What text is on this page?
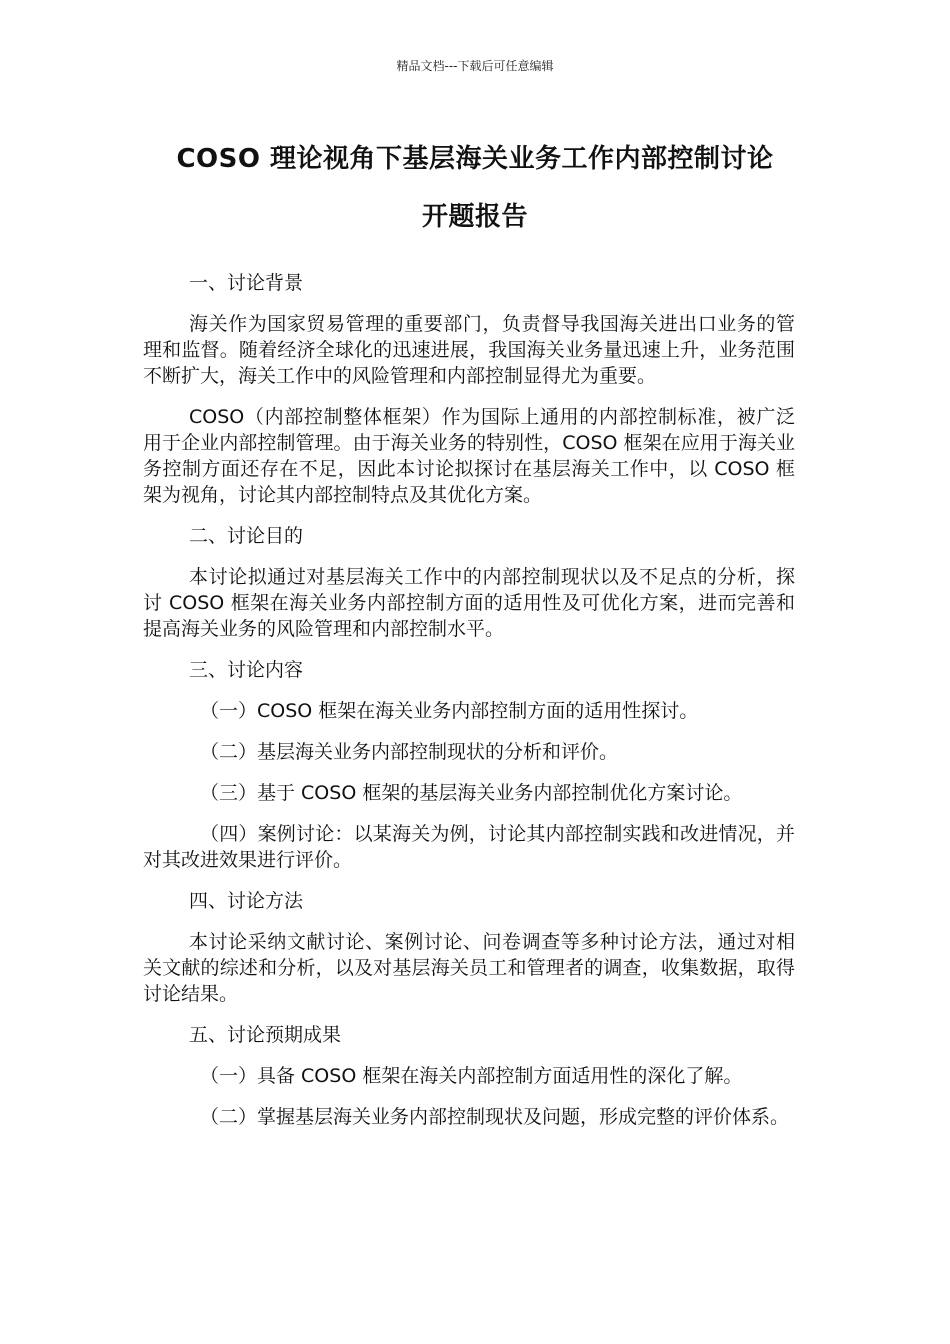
精品文档---下载后可任意编辑
COSO 理论视角下基层海关业务工作内部控制讨论
开题报告

一、讨论背景

海关作为国家贸易管理的重要部门，负责督导我国海关进出口业务的管理和监督。随着经济全球化的迅速进展，我国海关业务量迅速上升，业务范围不断扩大，海关工作中的风险管理和内部控制显得尤为重要。

COSO（内部控制整体框架）作为国际上通用的内部控制标准，被广泛用于企业内部控制管理。由于海关业务的特别性，COSO 框架在应用于海关业务控制方面还存在不足，因此本讨论拟探讨在基层海关工作中，以 COSO 框架为视角，讨论其内部控制特点及其优化方案。

二、讨论目的

本讨论拟通过对基层海关工作中的内部控制现状以及不足点的分析，探讨 COSO 框架在海关业务内部控制方面的适用性及可优化方案，进而完善和提高海关业务的风险管理和内部控制水平。

三、讨论内容

（一）COSO 框架在海关业务内部控制方面的适用性探讨。

（二）基层海关业务内部控制现状的分析和评价。

（三）基于 COSO 框架的基层海关业务内部控制优化方案讨论。

（四）案例讨论：以某海关为例，讨论其内部控制实践和改进情况，并对其改进效果进行评价。

四、讨论方法

本讨论采纳文献讨论、案例讨论、问卷调查等多种讨论方法，通过对相关文献的综述和分析，以及对基层海关员工和管理者的调查，收集数据，取得讨论结果。

五、讨论预期成果

（一）具备 COSO 框架在海关内部控制方面适用性的深化了解。

（二）掌握基层海关业务内部控制现状及问题，形成完整的评价体系。
